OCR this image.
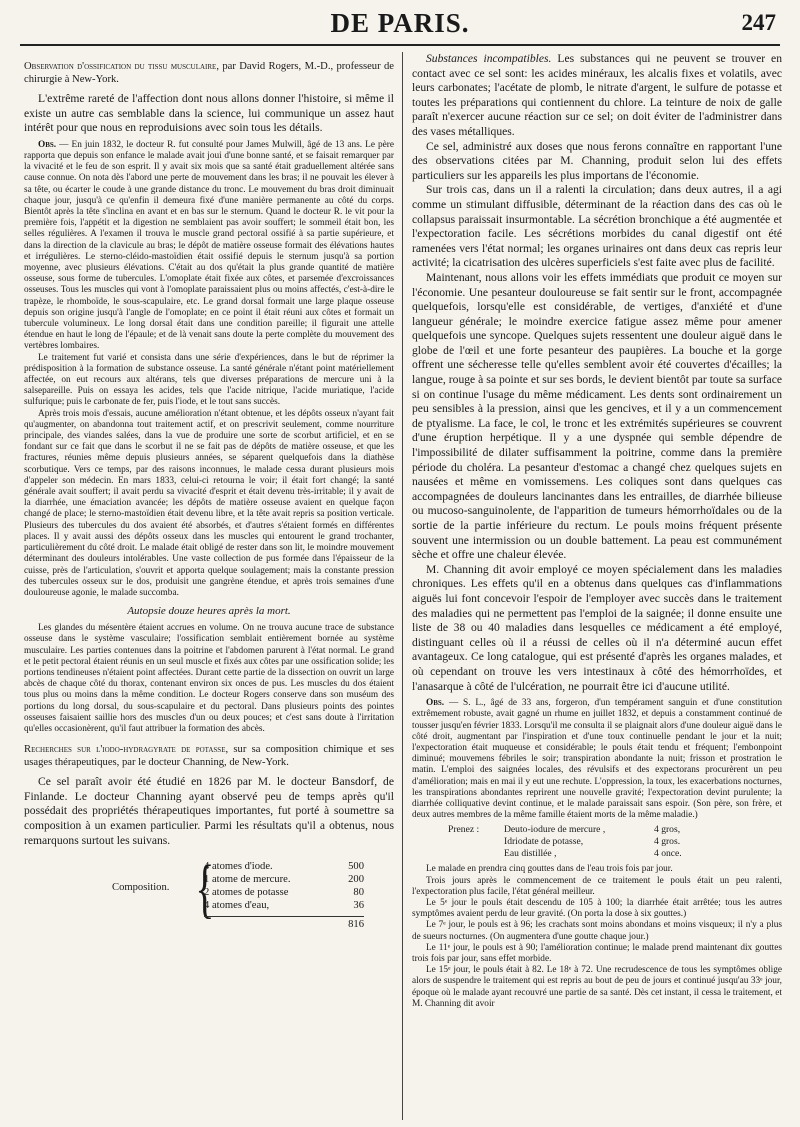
DE PARIS.	247

Observation d'ossification du tissu musculaire, par David Rogers, M.-D., professeur de chirurgie à New-York.

L'extrême rareté de l'affection dont nous allons donner l'histoire, si même il existe un autre cas semblable dans la science, lui communique un assez haut intérêt pour que nous en reproduisions avec soin tous les détails.

Obs. — En juin 1832, le docteur R. fut consulté pour James Mulwill, âgé de 13 ans. Le père rapporta que depuis son enfance le malade avait joui d'une bonne santé, et se faisait remarquer par la vivacité et le feu de son esprit. Il y avait six mois que sa santé était graduellement altérée sans cause connue. On nota dès l'abord une perte de mouvement dans les bras; il ne pouvait les élever à sa tête, ou écarter le coude à une grande distance du tronc. Le mouvement du bras droit diminuait chaque jour, jusqu'à ce qu'enfin il demeura fixé d'une manière permanente au côté du corps. Bientôt après la tête s'inclina en avant et en bas sur le sternum. Quand le docteur R. le vit pour la première fois, l'appétit et la digestion ne semblaient pas avoir souffert; le sommeil était bon, les selles régulières. A l'examen il trouva le muscle grand pectoral ossifié à sa partie supérieure, et dans la direction de la clavicule au bras; le dépôt de matière osseuse formait des élévations hautes et irrégulières. Le sterno-cléido-mastoïdien était ossifié depuis le sternum jusqu'à sa portion moyenne, avec plusieurs élévations. C'était au dos qu'était la plus grande quantité de matière osseuse, sous forme de tubercules. L'omoplate était fixée aux côtes, et parsemée d'excroissances osseuses. Tous les muscles qui vont à l'omoplate paraissaient plus ou moins affectés, c'est-à-dire le trapèze, le rhomboïde, le sous-scapulaire, etc. Le grand dorsal formait une large plaque osseuse depuis son origine jusqu'à l'angle de l'omoplate; en ce point il était réuni aux côtes et formait un tubercule volumineux. Le long dorsal était dans une condition pareille; il figurait une attelle étendue en haut le long de l'épaule; et de là venait sans doute la perte complète du mouvement des vertèbres lombaires.

Le traitement fut varié et consista dans une série d'expériences, dans le but de réprimer la prédisposition à la formation de substance osseuse. La santé générale n'étant point matériellement affectée, on eut recours aux altérans, tels que diverses préparations de mercure uni à la salsepareille. Puis on essaya les acides, tels que l'acide nitrique, l'acide muriatique, l'acide sulfurique; puis le carbonate de fer, puis l'iode, et le tout sans succès.

Après trois mois d'essais, aucune amélioration n'étant obtenue, et les dépôts osseux n'ayant fait qu'augmenter, on abandonna tout traitement actif, et on prescrivit seulement, comme nourriture principale, des viandes salées, dans la vue de produire une sorte de scorbut artificiel, et en se fondant sur ce fait que dans le scorbut il ne se fait pas de dépôts de matière osseuse, et que les fractures, réunies même depuis plusieurs années, se séparent quelquefois dans la diathèse scorbutique. Vers ce temps, par des raisons inconnues, le malade cessa durant plusieurs mois d'appeler son médecin. En mars 1833, celui-ci retourna le voir; il était fort changé; la santé générale avait souffert; il avait perdu sa vivacité d'esprit et était devenu très-irritable; il y avait de la diarrhée, une émaciation avancée; les dépôts de matière osseuse avaient en quelque façon changé de place; le sterno-mastoïdien était devenu libre, et la tête avait repris sa position verticale. Plusieurs des tubercules du dos avaient été absorbés, et d'autres s'étaient formés en différentes places. Il y avait aussi des dépôts osseux dans les muscles qui entourent le grand trochanter, particulièrement du côté droit. Le malade était obligé de rester dans son lit, le moindre mouvement déterminant des douleurs intolérables. Une vaste collection de pus formée dans l'épaisseur de la cuisse, près de l'articulation, s'ouvrit et apporta quelque soulagement; mais la constante pression des tubercules osseux sur le dos, produisit une gangrène étendue, et après trois semaines d'une douloureuse agonie, le malade succomba.

Autopsie douze heures après la mort.

Les glandes du mésentère étaient accrues en volume. On ne trouva aucune trace de substance osseuse dans le système vasculaire; l'ossification semblait entièrement bornée au système musculaire. Les parties contenues dans la poitrine et l'abdomen parurent à l'état normal. Le grand et le petit pectoral étaient réunis en un seul muscle et fixés aux côtes par une ossification solide; les portions tendineuses n'étaient point affectées. Durant cette partie de la dissection on ouvrit un large abcès de chaque côté du thorax, contenant environ six onces de pus. Les muscles du dos étaient tous plus ou moins dans la même condition. Le docteur Rogers conserve dans son muséum des portions du long dorsal, du sous-scapulaire et du pectoral. Dans plusieurs points des pointes osseuses faisaient saillie hors des muscles d'un ou deux pouces; et c'est sans doute à l'irritation qu'elles occasionèrent, qu'il faut attribuer la formation des abcès.

Recherches sur l'iodo-hydragyrate de potasse, sur sa composition chimique et ses usages thérapeutiques, par le docteur Channing, de New-York.

Ce sel paraît avoir été étudié en 1826 par M. le docteur Bansdorf, de Finlande. Le docteur Channing ayant observé peu de temps après qu'il possédait des propriétés thérapeutiques importantes, fut porté à soumettre sa composition à un examen particulier. Parmi les résultats qu'il a obtenus, nous remarquons surtout les suivans.

Composition. {
4 atomes d'iode.	500
1 atome de mercure.	200
2 atomes de potasse	80
4 atomes d'eau,	36
816

Substances incompatibles. Les substances qui ne peuvent se trouver en contact avec ce sel sont: les acides minéraux, les alcalis fixes et volatils, avec leurs carbonates; l'acétate de plomb, le nitrate d'argent, le sulfure de potasse et toutes les préparations qui contiennent du chlore. La teinture de noix de galle paraît n'exercer aucune réaction sur ce sel; on doit éviter de l'administrer dans des vases métalliques.

Ce sel, administré aux doses que nous ferons connaître en rapportant l'une des observations citées par M. Channing, produit selon lui des effets particuliers sur les appareils les plus importans de l'économie.

Sur trois cas, dans un il a ralenti la circulation; dans deux autres, il a agi comme un stimulant diffusible, déterminant de la réaction dans des cas où le collapsus paraissait insurmontable. La sécrétion bronchique a été augmentée et l'expectoration facile. Les sécrétions morbides du canal digestif ont été ramenées vers l'état normal; les organes urinaires ont dans deux cas repris leur activité; la cicatrisation des ulcères superficiels s'est faite avec plus de facilité.

Maintenant, nous allons voir les effets immédiats que produit ce moyen sur l'économie. Une pesanteur douloureuse se fait sentir sur le front, accompagnée quelquefois, lorsqu'elle est considérable, de vertiges, d'anxiété et d'une langueur générale; le moindre exercice fatigue assez même pour amener quelquefois une syncope. Quelques sujets ressentent une douleur aiguë dans le globe de l'œil et une forte pesanteur des paupières. La bouche et la gorge offrent une sécheresse telle qu'elles semblent avoir été couvertes d'écailles; la langue, rouge à sa pointe et sur ses bords, le devient bientôt par toute sa surface si on continue l'usage du même médicament. Les dents sont ordinairement un peu sensibles à la pression, ainsi que les gencives, et il y a un commencement de ptyalisme. La face, le col, le tronc et les extrémités supérieures se couvrent d'une éruption herpétique. Il y a une dyspnée qui semble dépendre de l'impossibilité de dilater suffisamment la poitrine, comme dans la première période du choléra. La pesanteur d'estomac a changé chez quelques sujets en nausées et même en vomissemens. Les coliques sont dans quelques cas accompagnées de douleurs lancinantes dans les entrailles, de diarrhée bilieuse ou mucoso-sanguinolente, de l'apparition de tumeurs hémorrhoïdales ou de la sortie de la partie inférieure du rectum. Le pouls moins fréquent présente souvent une intermission ou un double battement. La peau est communément sèche et offre une chaleur élevée.

M. Channing dit avoir employé ce moyen spécialement dans les maladies chroniques. Les effets qu'il en a obtenus dans quelques cas d'inflammations aiguës lui font concevoir l'espoir de l'employer avec succès dans le traitement des maladies qui ne permettent pas l'emploi de la saignée; il donne ensuite une liste de 38 ou 40 maladies dans lesquelles ce médicament a été employé, distinguant celles où il a réussi de celles où il n'a déterminé aucun effet avantageux. Ce long catalogue, qui est présenté d'après les organes malades, et où cependant on trouve les vers intestinaux à côté des hémorrhoïdes, et l'anasarque à côté de l'ulcération, ne pourrait être ici d'aucune utilité.

Obs. — S. L., âgé de 33 ans, forgeron, d'un tempérament sanguin et d'une constitution extrêmement robuste, avait gagné un rhume en juillet 1832, et depuis a constamment continué de tousser jusqu'en février 1833. Lorsqu'il me consulta il se plaignait alors d'une douleur aiguë dans le côté droit, augmentant par l'inspiration et d'une toux continuelle pendant le jour et la nuit; l'expectoration était muqueuse et considérable; le pouls était tendu et fréquent; l'embonpoint diminué; mouvemens fébriles le soir; transpiration abondante la nuit; frisson et prostration le matin. L'emploi des saignées locales, des révulsifs et des expectorans procurèrent un peu d'amélioration; mais en mai il y eut une rechute. L'oppression, la toux, les exacerbations nocturnes, les transpirations abondantes reprirent une nouvelle gravité; l'expectoration devint purulente; la diarrhée colliquative devint continue, et le malade paraissait sans espoir. (Son père, son frère, et deux autres membres de la même famille étaient morts de la même maladie.)

Prenez :	Deuto-iodure de mercure ,	4 gros,
Idriodate de potasse,	4 gros.
Eau distillée ,	4 once.

Le malade en prendra cinq gouttes dans de l'eau trois fois par jour.

Trois jours après le commencement de ce traitement le pouls était un peu ralenti, l'expectoration plus facile, l'état général meilleur.

Le 5ᵉ jour le pouls était descendu de 105 à 100; la diarrhée était arrêtée; tous les autres symptômes avaient perdu de leur gravité. (On porta la dose à six gouttes.)

Le 7ᵉ jour, le pouls est à 96; les crachats sont moins abondans et moins visqueux; il n'y a plus de sueurs nocturnes. (On augmentera d'une goutte chaque jour.)

Le 11ᵉ jour, le pouls est à 90; l'amélioration continue; le malade prend maintenant dix gouttes trois fois par jour, sans effet morbide.

Le 15ᵉ jour, le pouls était à 82. Le 18ᵉ à 72. Une recrudescence de tous les symptômes oblige alors de suspendre le traitement qui est repris au bout de peu de jours et continué jusqu'au 33ᵉ jour, époque où le malade ayant recouvré une partie de sa santé. Dès cet instant, il cessa le traitement, et M. Channing dit avoir
